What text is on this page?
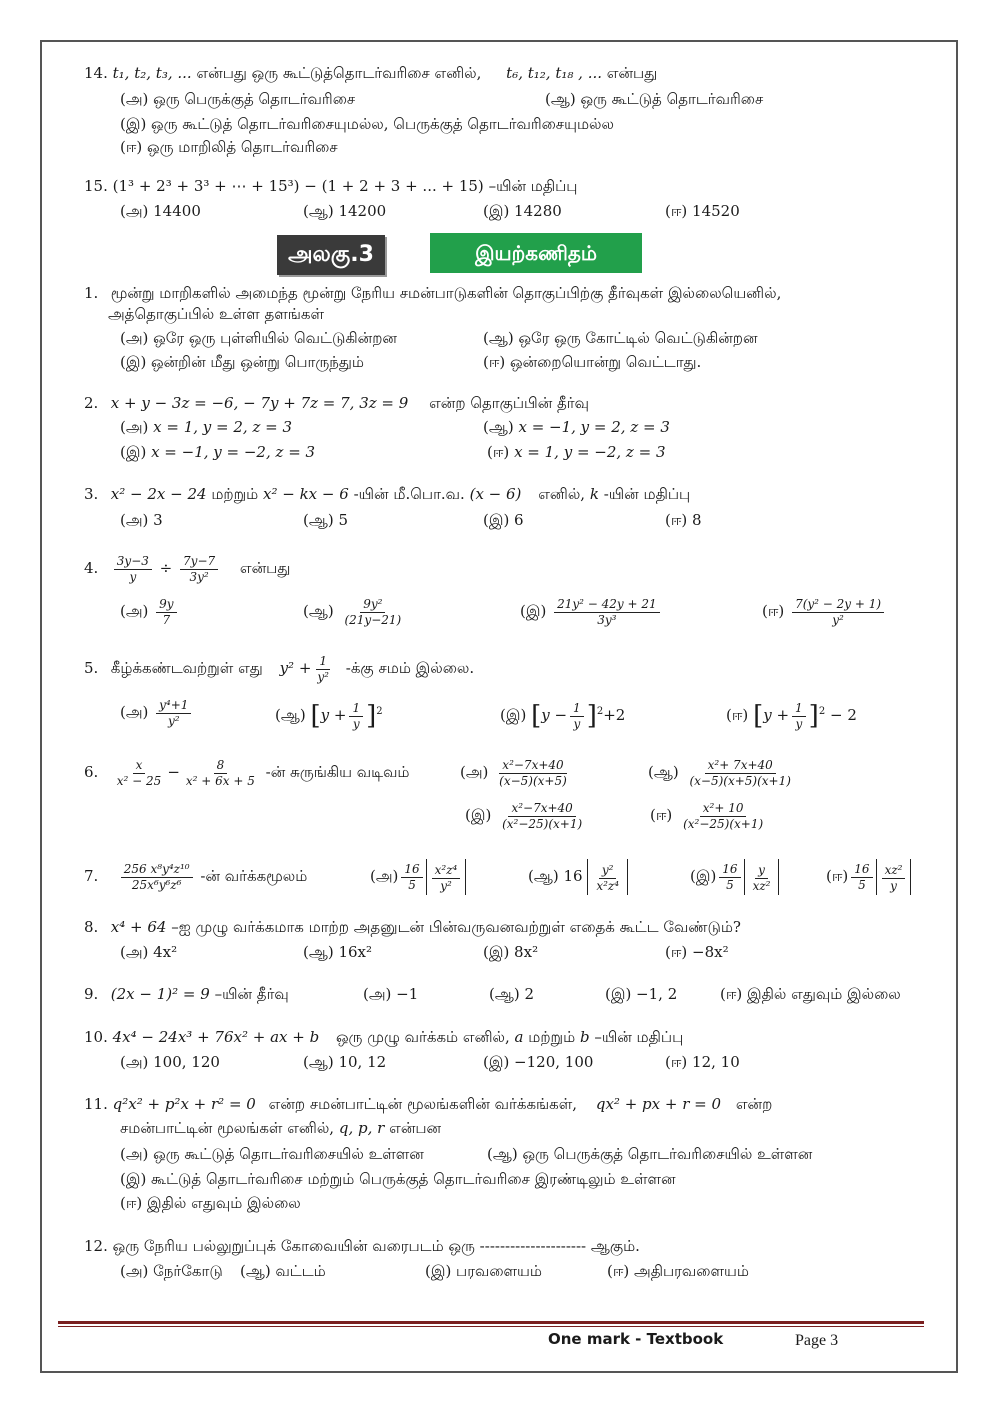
14. t₁, t₂, t₃, ... என்பது ஒரு கூட்டுத்தொடர்வரிசை எனில், t₆, t₁₂, t₁₈ , ... என்பது
(அ) ஒரு பெருக்குத் தொடர்வரிசை	(ஆ) ஒரு கூட்டுத் தொடர்வரிசை
(இ) ஒரு கூட்டுத் தொடர்வரிசையுமல்ல, பெருக்குத் தொடர்வரிசையுமல்ல
(ஈ) ஒரு மாறிலித் தொடர்வரிசை
15. (1³ + 2³ + 3³ + ⋯ + 15³) − (1 + 2 + 3 + ... + 15) –யின் மதிப்பு
(அ) 14400	(ஆ) 14200	(இ) 14280	(ஈ) 14520
அலகு.3	இயற்கணிதம்
1. மூன்று மாறிகளில் அமைந்த மூன்று நேரிய சமன்பாடுகளின் தொகுப்பிற்கு தீர்வுகள் இல்லையெனில்,
அத்தொகுப்பில் உள்ள தளங்கள்
(அ) ஒரே ஒரு புள்ளியில் வெட்டுகின்றன	(ஆ) ஒரே ஒரு கோட்டில் வெட்டுகின்றன
(இ) ஒன்றின் மீது ஒன்று பொருந்தும்	(ஈ) ஒன்றையொன்று வெட்டாது.
2. x + y − 3z = −6, − 7y + 7z = 7, 3z = 9 என்ற தொகுப்பின் தீர்வு
(அ) x = 1, y = 2, z = 3	(ஆ) x = −1, y = 2, z = 3
(இ) x = −1, y = −2, z = 3	(ஈ) x = 1, y = −2, z = 3
3. x² − 2x − 24 மற்றும் x² − kx − 6 -யின் மீ.பொ.வ. (x − 6) எனில், k -யின் மதிப்பு
(அ) 3	(ஆ) 5	(இ) 6	(ஈ) 8
4. $\frac{3y-3}{y} \div \frac{7y-7}{\text{3y²}}$ என்பது
(அ) $\frac{9y}{7}$	(ஆ) $\frac{\text{9y²}}{(21y-21)}$	(இ) $\frac{\text{21y² − 42y + 21}}{\text{3y³}}$	(ஈ) $\frac{\text{7(y² − 2y + 1)}}{\text{y²}}$
5. கீழ்க்கண்டவற்றுள் எது $y^2 + \frac{1}{\text{y²}}$ -க்கு சமம் இல்லை.
(அ) $\frac{\text{y⁴+1}}{\text{y²}}$	(ஆ) $[y + \frac{1}{y} ]^2$	(இ) $[y - \frac{1}{y} ]^2+2$	(ஈ) $[y + \frac{1}{y} ]^2 - 2$
6. $\frac{x}{\text{x² − 25}} - \frac{8}{\text{x² + 6x + 5}}$ -ன் சுருங்கிய வடிவம்	(அ) $\frac{\text{x²−7x+40}}{(x-5)(x+5)}$	(ஆ) $\frac{\text{x²+ 7x+40}}{(x-5)(x+5)(x+1)}$
(இ) $\frac{\text{x²−7x+40}}{\text{(x²−25)(x+1)}}$	(ஈ) $\frac{\text{x²+ 10}}{\text{(x²−25)(x+1)}}$
7. $\frac{\text{256 x⁸y⁴z¹⁰}}{\text{25x⁶y⁶z⁶}}$ -ன் வர்க்கமூலம்	(அ) $\frac{16}{5} \frac{\text{x²z⁴}}{\text{y²}}$	(ஆ) $16 \frac{\text{y²}}{\text{x²z⁴}}$	(இ) $\frac{16}{5} \frac{y}{\text{xz²}}$	(ஈ) $\frac{16}{5} \frac{\text{xz²}}{y}$
8. x⁴ + 64 –ஐ முழு வர்க்கமாக மாற்ற அதனுடன் பின்வருவனவற்றுள் எதைக் கூட்ட வேண்டும்?
(அ) 4x²	(ஆ) 16x²	(இ) 8x²	(ஈ) −8x²
9. (2x − 1)² = 9 –யின் தீர்வு	(அ) −1	(ஆ) 2	(இ) −1, 2	(ஈ) இதில் எதுவும் இல்லை
10. 4x⁴ − 24x³ + 76x² + ax + b ஒரு முழு வர்க்கம் எனில், a மற்றும் b –யின் மதிப்பு
(அ) 100, 120	(ஆ) 10, 12	(இ) −120, 100	(ஈ) 12, 10
11. q²x² + p²x + r² = 0 என்ற சமன்பாட்டின் மூலங்களின் வர்க்கங்கள், qx² + px + r = 0 என்ற
சமன்பாட்டின் மூலங்கள் எனில், q, p, r என்பன
(அ) ஒரு கூட்டுத் தொடர்வரிசையில் உள்ளன	(ஆ) ஒரு பெருக்குத் தொடர்வரிசையில் உள்ளன
(இ) கூட்டுத் தொடர்வரிசை மற்றும் பெருக்குத் தொடர்வரிசை இரண்டிலும் உள்ளன
(ஈ) இதில் எதுவும் இல்லை
12. ஒரு நேரிய பல்லுறுப்புக் கோவையின் வரைபடம் ஒரு --------------------- ஆகும்.
(அ) நேர்கோடு (ஆ) வட்டம்	(இ) பரவளையம்	(ஈ) அதிபரவளையம்
One mark - Textbook	Page 3
